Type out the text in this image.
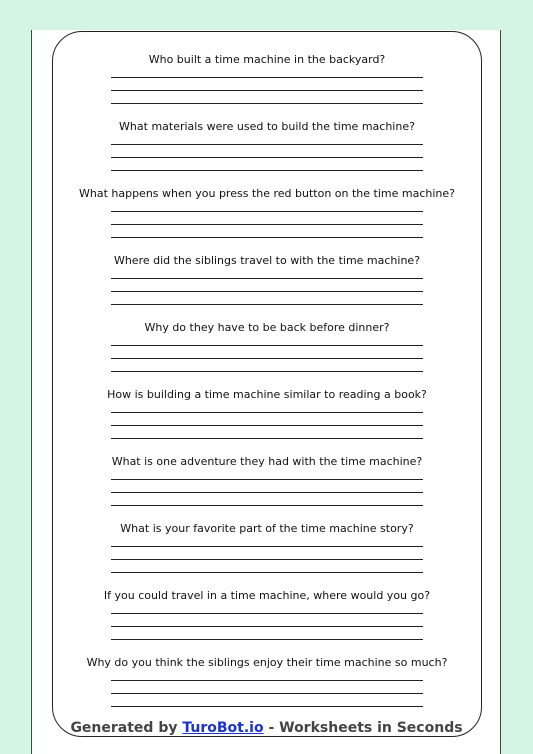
Who built a time machine in the backyard?
What materials were used to build the time machine?
What happens when you press the red button on the time machine?
Where did the siblings travel to with the time machine?
Why do they have to be back before dinner?
How is building a time machine similar to reading a book?
What is one adventure they had with the time machine?
What is your favorite part of the time machine story?
If you could travel in a time machine, where would you go?
Why do you think the siblings enjoy their time machine so much?
Generated by TuroBot.io - Worksheets in Seconds
